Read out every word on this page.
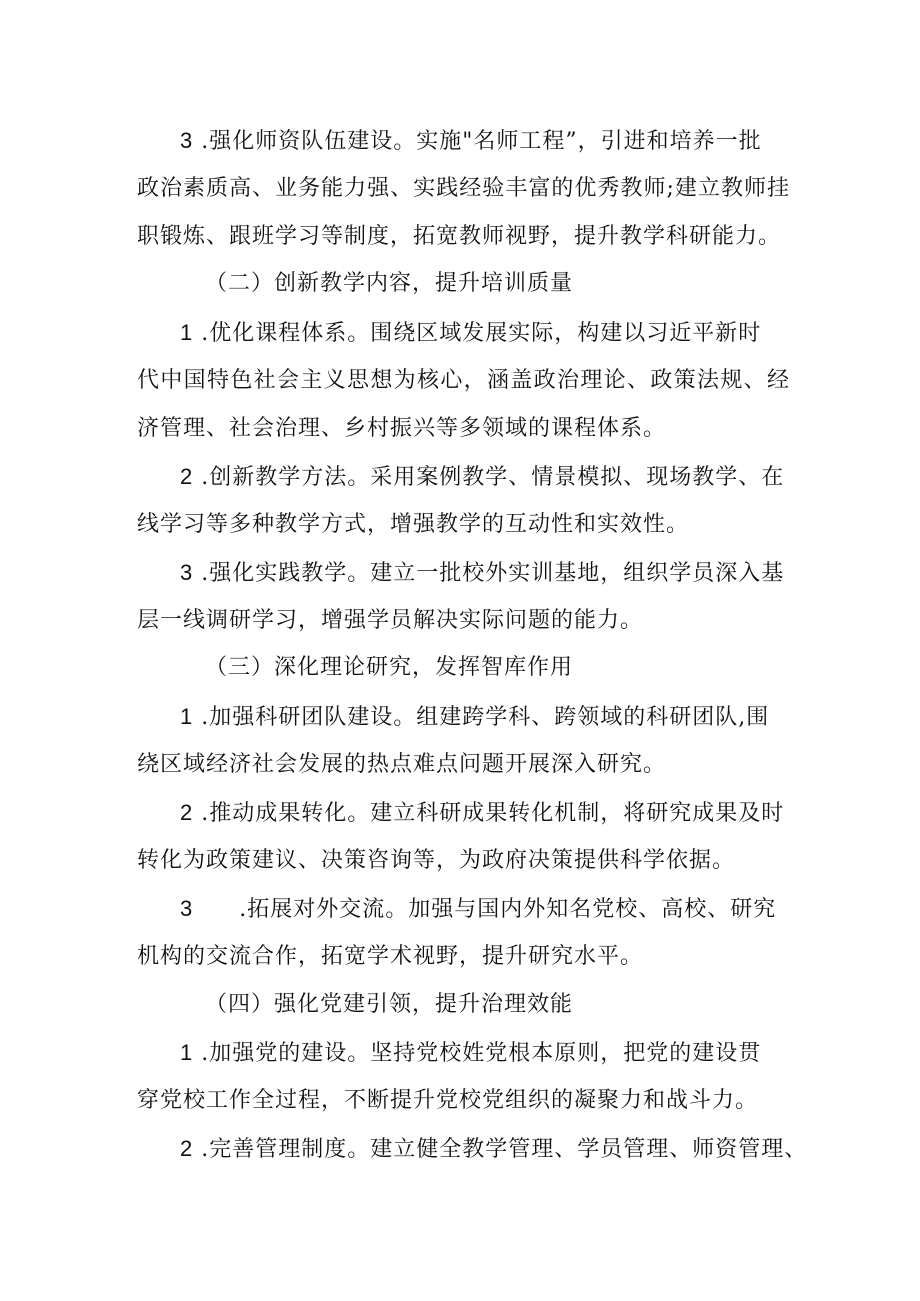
3 .强化师资队伍建设。实施"名师工程”，引进和培养一批
政治素质高、业务能力强、实践经验丰富的优秀教师;建立教师挂
职锻炼、跟班学习等制度，拓宽教师视野，提升教学科研能力。
（二）创新教学内容，提升培训质量
1 .优化课程体系。围绕区域发展实际，构建以习近平新时
代中国特色社会主义思想为核心，涵盖政治理论、政策法规、经
济管理、社会治理、乡村振兴等多领域的课程体系。
2 .创新教学方法。采用案例教学、情景模拟、现场教学、在
线学习等多种教学方式，增强教学的互动性和实效性。
3 .强化实践教学。建立一批校外实训基地，组织学员深入基
层一线调研学习，增强学员解决实际问题的能力。
（三）深化理论研究，发挥智库作用
1 .加强科研团队建设。组建跨学科、跨领域的科研团队,围
绕区域经济社会发展的热点难点问题开展深入研究。
2 .推动成果转化。建立科研成果转化机制，将研究成果及时
转化为政策建议、决策咨询等，为政府决策提供科学依据。
3 .拓展对外交流。加强与国内外知名党校、高校、研究
机构的交流合作，拓宽学术视野，提升研究水平。
（四）强化党建引领，提升治理效能
1 .加强党的建设。坚持党校姓党根本原则，把党的建设贯
穿党校工作全过程，不断提升党校党组织的凝聚力和战斗力。
2 .完善管理制度。建立健全教学管理、学员管理、师资管理、
